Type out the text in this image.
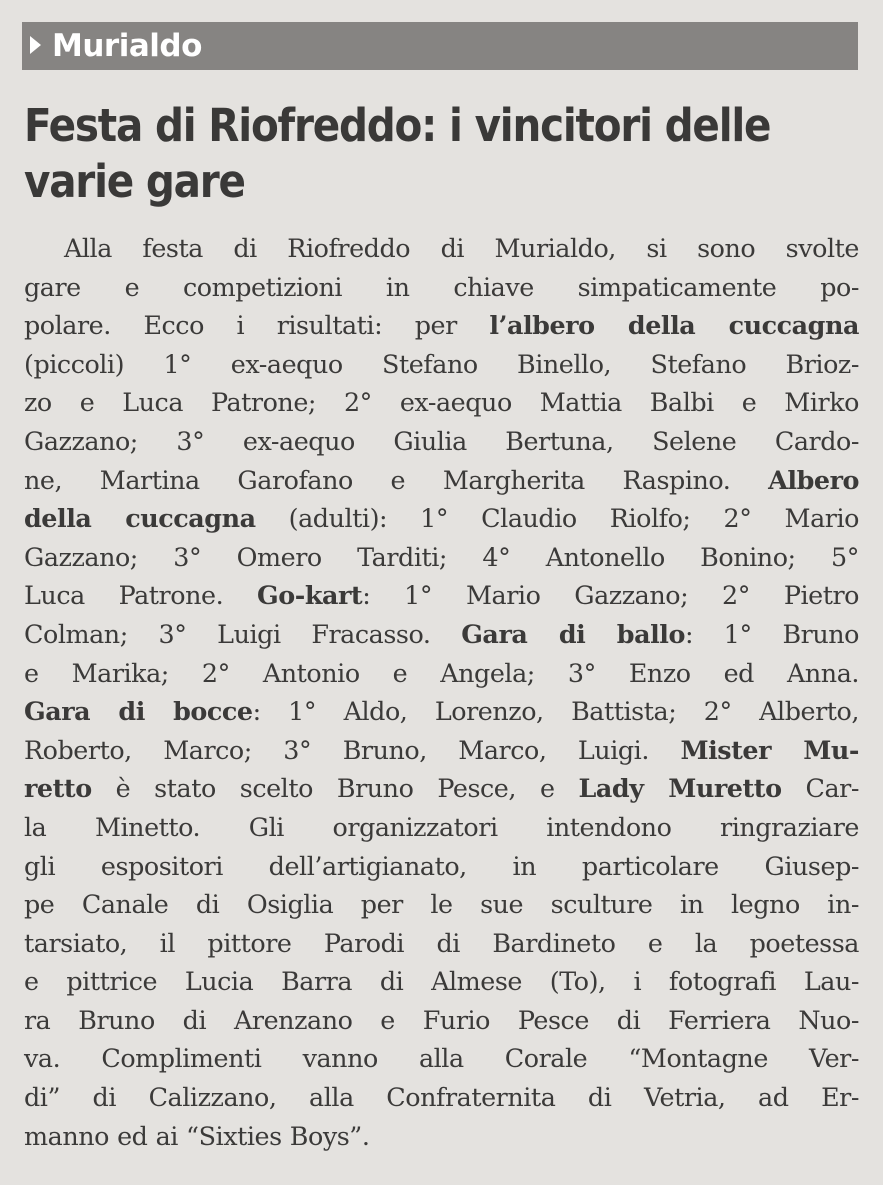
Murialdo
Festa di Riofreddo: i vincitori delle varie gare
Alla festa di Riofreddo di Murialdo, si sono svolte
gare e competizioni in chiave simpaticamente po-
polare. Ecco i risultati: per l’albero della cuccagna
(piccoli) 1° ex-aequo Stefano Binello, Stefano Brioz-
zo e Luca Patrone; 2° ex-aequo Mattia Balbi e Mirko
Gazzano; 3° ex-aequo Giulia Bertuna, Selene Cardo-
ne, Martina Garofano e Margherita Raspino. Albero
della cuccagna (adulti): 1° Claudio Riolfo; 2° Mario
Gazzano; 3° Omero Tarditi; 4° Antonello Bonino; 5°
Luca Patrone. Go-kart: 1° Mario Gazzano; 2° Pietro
Colman; 3° Luigi Fracasso. Gara di ballo: 1° Bruno
e Marika; 2° Antonio e Angela; 3° Enzo ed Anna.
Gara di bocce: 1° Aldo, Lorenzo, Battista; 2° Alberto,
Roberto, Marco; 3° Bruno, Marco, Luigi. Mister Mu-
retto è stato scelto Bruno Pesce, e Lady Muretto Car-
la Minetto. Gli organizzatori intendono ringraziare
gli espositori dell’artigianato, in particolare Giusep-
pe Canale di Osiglia per le sue sculture in legno in-
tarsiato, il pittore Parodi di Bardineto e la poetessa
e pittrice Lucia Barra di Almese (To), i fotografi Lau-
ra Bruno di Arenzano e Furio Pesce di Ferriera Nuo-
va. Complimenti vanno alla Corale “Montagne Ver-
di” di Calizzano, alla Confraternita di Vetria, ad Er-
manno ed ai “Sixties Boys”.
